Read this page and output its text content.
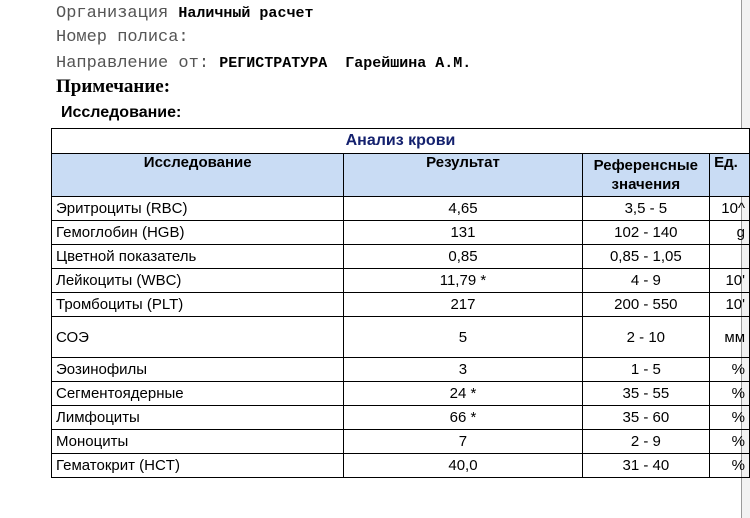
Организация Наличный расчет
Номер полиса:
Направление от: РЕГИСТРАТУРА  Гарейшина А.М.
Примечание:
Исследование:
Анализ крови			
Исследование	Результат	Референсные значения	Ед.
Эритроциты (RBC)	4,65	3,5 - 5	10^
Гемоглобин (HGB)	131	102 - 140	g
Цветной показатель	0,85	0,85 - 1,05	
Лейкоциты (WBC)	11,79 *	4 - 9	10'
Тромбоциты (PLT)	217	200 - 550	10'
СОЭ	5	2 - 10	мм
Эозинофилы	3	1 - 5	%
Сегментоядерные	24 *	35 - 55	%
Лимфоциты	66 *	35 - 60	%
Моноциты	7	2 - 9	%
Гематокрит (HCT)	40,0	31 - 40	%
